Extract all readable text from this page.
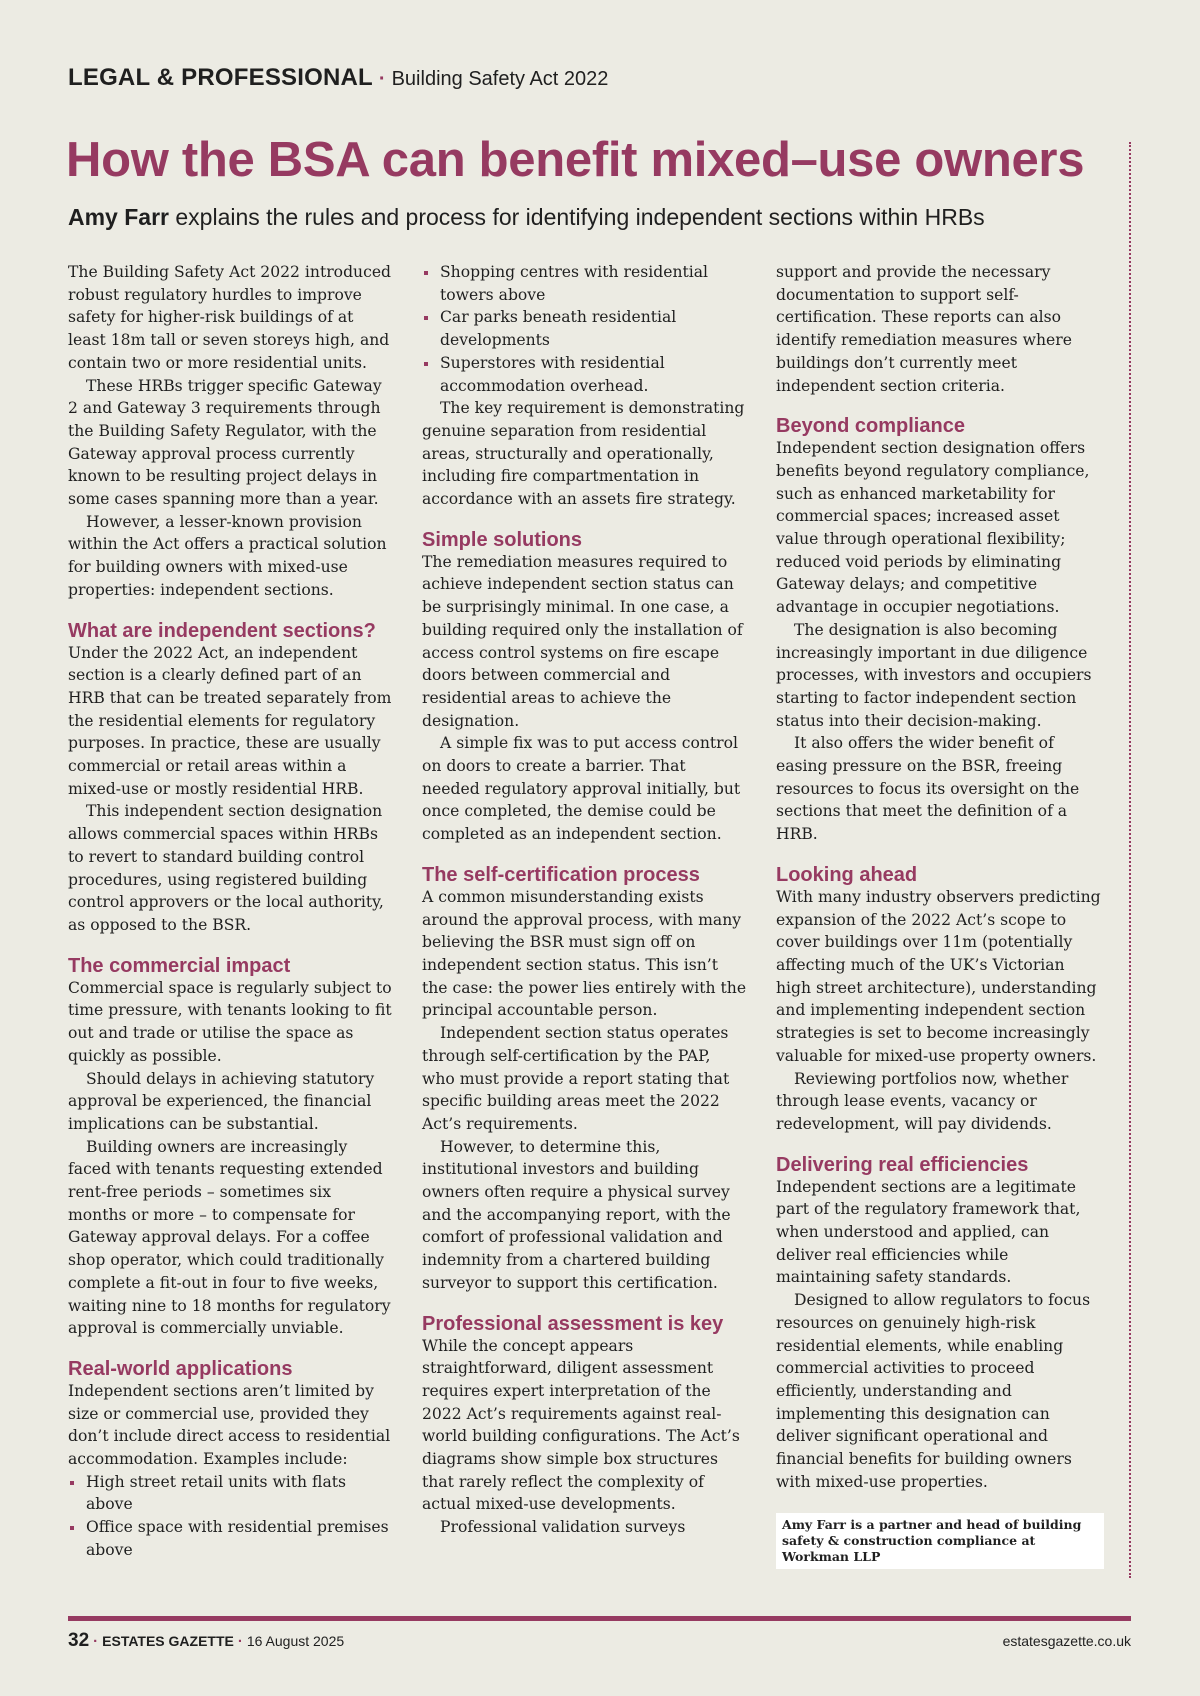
LEGAL & PROFESSIONAL · Building Safety Act 2022
How the BSA can benefit mixed–use owners

Amy Farr explains the rules and process for identifying independent sections within HRBs

The Building Safety Act 2022 introduced robust regulatory hurdles to improve safety for higher-risk buildings of at least 18m tall or seven storeys high, and contain two or more residential units.

These HRBs trigger specific Gateway 2 and Gateway 3 requirements through the Building Safety Regulator, with the Gateway approval process currently known to be resulting project delays in some cases spanning more than a year.

However, a lesser-known provision within the Act offers a practical solution for building owners with mixed-use properties: independent sections.

What are independent sections?

Under the 2022 Act, an independent section is a clearly defined part of an HRB that can be treated separately from the residential elements for regulatory purposes. In practice, these are usually commercial or retail areas within a mixed-use or mostly residential HRB.

This independent section designation allows commercial spaces within HRBs to revert to standard building control procedures, using registered building control approvers or the local authority, as opposed to the BSR.

The commercial impact

Commercial space is regularly subject to time pressure, with tenants looking to fit out and trade or utilise the space as quickly as possible.

Should delays in achieving statutory approval be experienced, the financial implications can be substantial.

Building owners are increasingly faced with tenants requesting extended rent-free periods – sometimes six months or more – to compensate for Gateway approval delays. For a coffee shop operator, which could traditionally complete a fit-out in four to five weeks, waiting nine to 18 months for regulatory approval is commercially unviable.

Real-world applications

Independent sections aren’t limited by size or commercial use, provided they don’t include direct access to residential accommodation. Examples include:

High street retail units with flats above
Office space with residential premises above
Shopping centres with residential towers above
Car parks beneath residential developments
Superstores with residential accommodation overhead.

The key requirement is demonstrating genuine separation from residential areas, structurally and operationally, including fire compartmentation in accordance with an assets fire strategy.

Simple solutions

The remediation measures required to achieve independent section status can be surprisingly minimal. In one case, a building required only the installation of access control systems on fire escape doors between commercial and residential areas to achieve the designation.

A simple fix was to put access control on doors to create a barrier. That needed regulatory approval initially, but once completed, the demise could be completed as an independent section.

The self-certification process

A common misunderstanding exists around the approval process, with many believing the BSR must sign off on independent section status. This isn’t the case: the power lies entirely with the principal accountable person.

Independent section status operates through self-certification by the PAP, who must provide a report stating that specific building areas meet the 2022 Act’s requirements.

However, to determine this, institutional investors and building owners often require a physical survey and the accompanying report, with the comfort of professional validation and indemnity from a chartered building surveyor to support this certification.

Professional assessment is key

While the concept appears straightforward, diligent assessment requires expert interpretation of the 2022 Act’s requirements against real-world building configurations. The Act’s diagrams show simple box structures that rarely reflect the complexity of actual mixed-use developments.

Professional validation surveys

support and provide the necessary documentation to support self-certification. These reports can also identify remediation measures where buildings don’t currently meet independent section criteria.

Beyond compliance

Independent section designation offers benefits beyond regulatory compliance, such as enhanced marketability for commercial spaces; increased asset value through operational flexibility; reduced void periods by eliminating Gateway delays; and competitive advantage in occupier negotiations.

The designation is also becoming increasingly important in due diligence processes, with investors and occupiers starting to factor independent section status into their decision-making.

It also offers the wider benefit of easing pressure on the BSR, freeing resources to focus its oversight on the sections that meet the definition of a HRB.

Looking ahead

With many industry observers predicting expansion of the 2022 Act’s scope to cover buildings over 11m (potentially affecting much of the UK’s Victorian high street architecture), understanding and implementing independent section strategies is set to become increasingly valuable for mixed-use property owners.

Reviewing portfolios now, whether through lease events, vacancy or redevelopment, will pay dividends.

Delivering real efficiencies

Independent sections are a legitimate part of the regulatory framework that, when understood and applied, can deliver real efficiencies while maintaining safety standards.

Designed to allow regulators to focus resources on genuinely high-risk residential elements, while enabling commercial activities to proceed efficiently, understanding and implementing this designation can deliver significant operational and financial benefits for building owners with mixed-use properties.

Amy Farr is a partner and head of building safety & construction compliance at Workman LLP
32 · ESTATES GAZETTE · 16 August 2025	estatesgazette.co.uk
